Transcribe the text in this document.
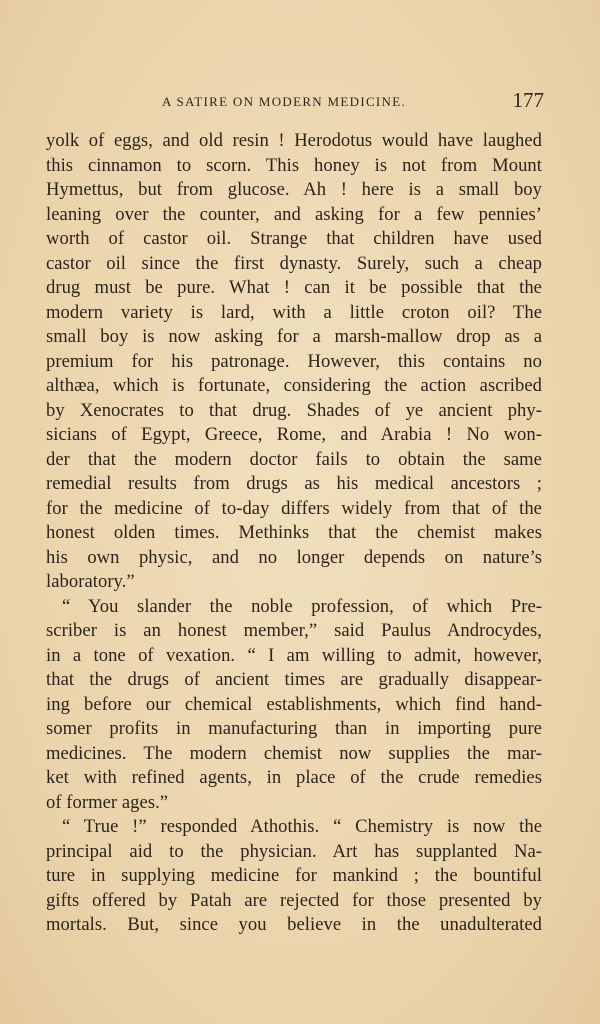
A SATIRE ON MODERN MEDICINE.	177
yolk of eggs, and old resin ! Herodotus would have laughed
this cinnamon to scorn. This honey is not from Mount
Hymettus, but from glucose. Ah ! here is a small boy
leaning over the counter, and asking for a few pennies’
worth of castor oil. Strange that children have used
castor oil since the first dynasty. Surely, such a cheap
drug must be pure. What ! can it be possible that the
modern variety is lard, with a little croton oil? The
small boy is now asking for a marsh-mallow drop as a
premium for his patronage. However, this contains no
althæa, which is fortunate, considering the action ascribed
by Xenocrates to that drug. Shades of ye ancient phy-
sicians of Egypt, Greece, Rome, and Arabia ! No won-
der that the modern doctor fails to obtain the same
remedial results from drugs as his medical ancestors ;
for the medicine of to-day differs widely from that of the
honest olden times. Methinks that the chemist makes
his own physic, and no longer depends on nature’s
laboratory.”
“ You slander the noble profession, of which Pre-
scriber is an honest member,” said Paulus Androcydes,
in a tone of vexation. “ I am willing to admit, however,
that the drugs of ancient times are gradually disappear-
ing before our chemical establishments, which find hand-
somer profits in manufacturing than in importing pure
medicines. The modern chemist now supplies the mar-
ket with refined agents, in place of the crude remedies
of former ages.”
“ True !” responded Athothis. “ Chemistry is now the
principal aid to the physician. Art has supplanted Na-
ture in supplying medicine for mankind ; the bountiful
gifts offered by Patah are rejected for those presented by
mortals. But, since you believe in the unadulterated
